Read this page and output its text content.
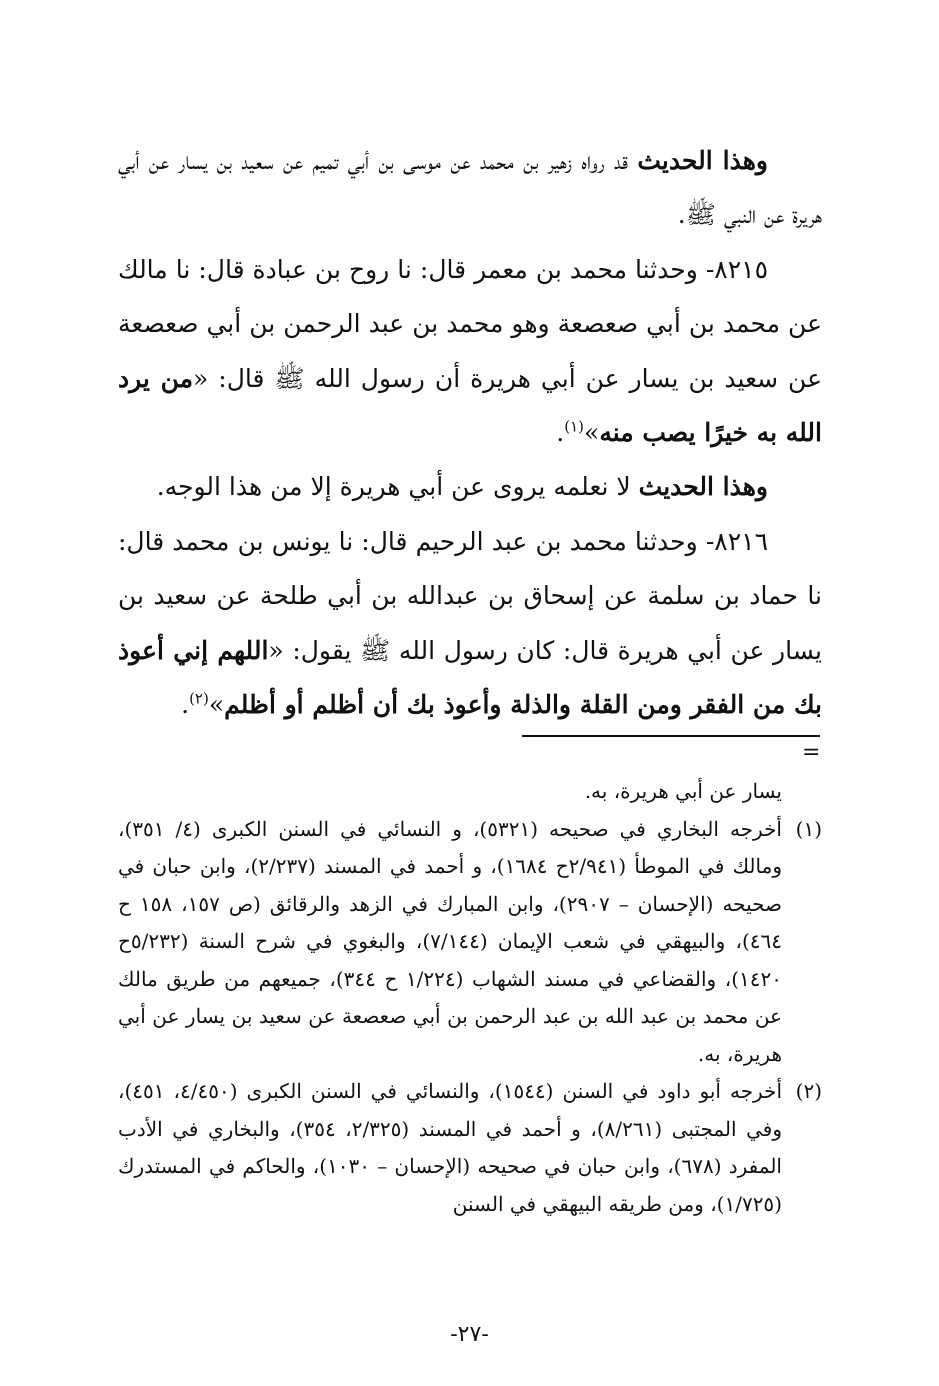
وهذا الحديث قد رواه زهير بن محمد عن موسى بن أبي تميم عن سعيد بن يسار عن أبي هريرة عن النبي ﷺ.

٨٢١٥- وحدثنا محمد بن معمر قال: نا روح بن عبادة قال: نا مالك عن محمد بن أبي صعصعة وهو محمد بن عبد الرحمن بن أبي صعصعة عن سعيد بن يسار عن أبي هريرة أن رسول الله ﷺ قال: «من يرد الله به خيرًا يصب منه»$^{(١)}$.

وهذا الحديث لا نعلمه يروى عن أبي هريرة إلا من هذا الوجه.

٨٢١٦- وحدثنا محمد بن عبد الرحيم قال: نا يونس بن محمد قال: نا حماد بن سلمة عن إسحاق بن عبدالله بن أبي طلحة عن سعيد بن يسار عن أبي هريرة قال: كان رسول الله ﷺ يقول: «اللهم إني أعوذ بك من الفقر ومن القلة والذلة وأعوذ بك أن أظلم أو أظلم»$^{(٢)}$.

=

يسار عن أبي هريرة، به.

(١)
أخرجه البخاري في صحيحه (٥٣٢١)، و النسائي في السنن الكبرى (٤/ ٣٥١)، ومالك في الموطأ (٢/٩٤١ح ١٦٨٤)، و أحمد في المسند (٢/٢٣٧)، وابن حبان في صحيحه (الإحسان – ٢٩٠٧)، وابن المبارك في الزهد والرقائق (ص ١٥٧، ١٥٨ ح ٤٦٤)، والبيهقي في شعب الإيمان (٧/١٤٤)، والبغوي في شرح السنة (٥/٢٣٢ح ١٤٢٠)، والقضاعي في مسند الشهاب (١/٢٢٤ ح ٣٤٤)، جميعهم من طريق مالك عن محمد بن عبد الله بن عبد الرحمن بن أبي صعصعة عن سعيد بن يسار عن أبي هريرة، به.

(٢)
أخرجه أبو داود في السنن (١٥٤٤)، والنسائي في السنن الكبرى (٤/٤٥٠، ٤٥١)، وفي المجتبى (٨/٢٦١)، و أحمد في المسند (٢/٣٢٥، ٣٥٤)، والبخاري في الأدب المفرد (٦٧٨)، وابن حبان في صحيحه (الإحسان – ١٠٣٠)، والحاكم في المستدرك (١/٧٢٥)، ومن طريقه البيهقي في السنن

-٢٧-
